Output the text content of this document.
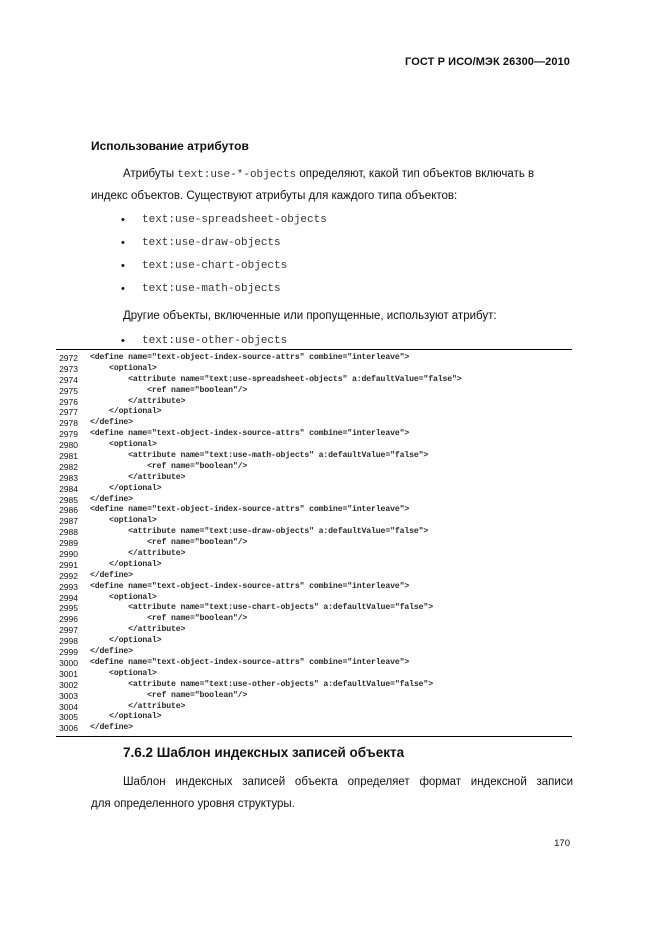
ГОСТ Р ИСО/МЭК 26300—2010
Использование атрибутов
Атрибуты text:use-*-objects определяют, какой тип объектов включать в
индекс объектов. Существуют атрибуты для каждого типа объектов:
• text:use-spreadsheet-objects
• text:use-draw-objects
• text:use-chart-objects
• text:use-math-objects
Другие объекты, включенные или пропущенные, используют атрибут:
• text:use-other-objects
2972 <define name="text-object-index-source-attrs" combine="interleave">
2973 <optional>
2974 <attribute name="text:use-spreadsheet-objects" a:defaultValue="false">
2975 <ref name="boolean"/>
2976 </attribute>
2977 </optional>
2978 </define>
2979 <define name="text-object-index-source-attrs" combine="interleave">
2980 <optional>
2981 <attribute name="text:use-math-objects" a:defaultValue="false">
2982 <ref name="boolean"/>
2983 </attribute>
2984 </optional>
2985 </define>
2986 <define name="text-object-index-source-attrs" combine="interleave">
2987 <optional>
2988 <attribute name="text:use-draw-objects" a:defaultValue="false">
2989 <ref name="boolean"/>
2990 </attribute>
2991 </optional>
2992 </define>
2993 <define name="text-object-index-source-attrs" combine="interleave">
2994 <optional>
2995 <attribute name="text:use-chart-objects" a:defaultValue="false">
2996 <ref name="boolean"/>
2997 </attribute>
2998 </optional>
2999 </define>
3000 <define name="text-object-index-source-attrs" combine="interleave">
3001 <optional>
3002 <attribute name="text:use-other-objects" a:defaultValue="false">
3003 <ref name="boolean"/>
3004 </attribute>
3005 </optional>
3006 </define>
7.6.2 Шаблон индексных записей объекта
Шаблон индексных записей объекта определяет формат индексной записи
для определенного уровня структуры.
170
